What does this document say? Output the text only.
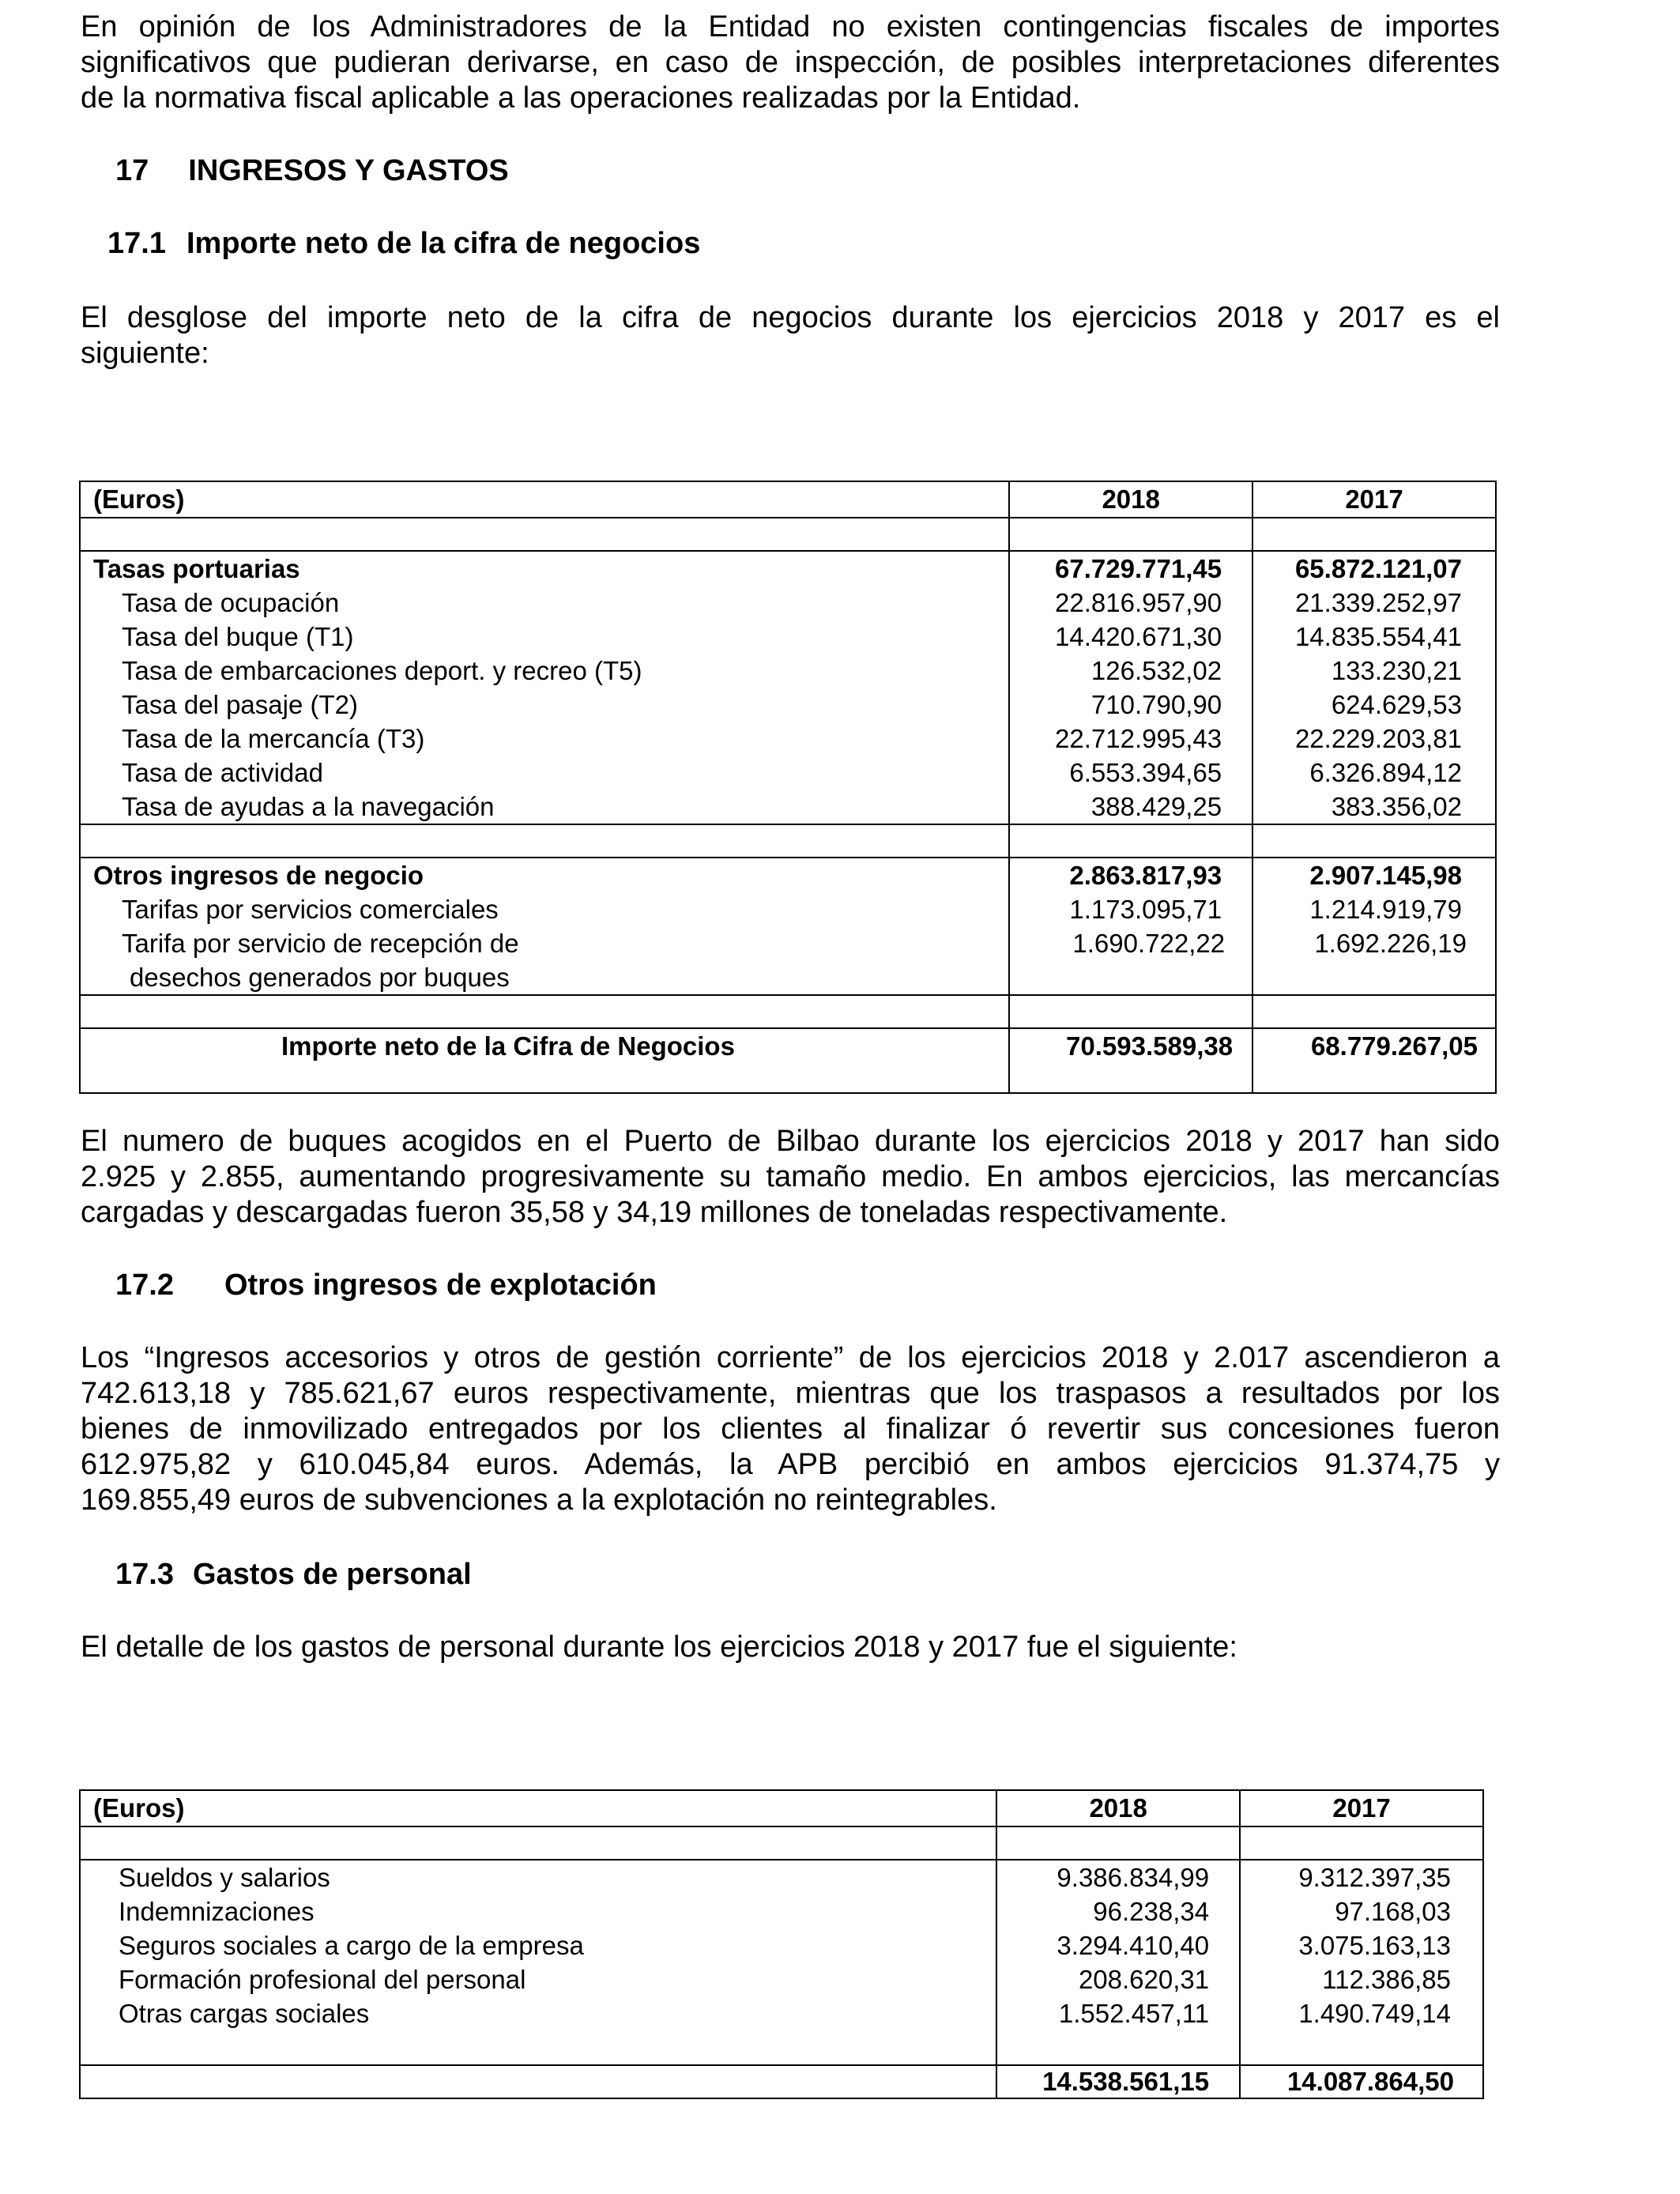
En opinión de los Administradores de la Entidad no existen contingencias fiscales de importes
significativos que pudieran derivarse, en caso de inspección, de posibles interpretaciones diferentes
de la normativa fiscal aplicable a las operaciones realizadas por la Entidad.
17 INGRESOS Y GASTOS
17.1 Importe neto de la cifra de negocios
El desglose del importe neto de la cifra de negocios durante los ejercicios 2018 y 2017 es el
siguiente:
(Euros)	2018	2017

Tasas portuarias	67.729.771,45	65.872.121,07
Tasa de ocupación	22.816.957,90	21.339.252,97
Tasa del buque (T1)	14.420.671,30	14.835.554,41
Tasa de embarcaciones deport. y recreo (T5)	126.532,02	133.230,21
Tasa del pasaje (T2)	710.790,90	624.629,53
Tasa de la mercancía (T3)	22.712.995,43	22.229.203,81
Tasa de actividad	6.553.394,65	6.326.894,12
Tasa de ayudas a la navegación	388.429,25	383.356,02

Otros ingresos de negocio	2.863.817,93	2.907.145,98
Tarifas por servicios comerciales	1.173.095,71	1.214.919,79
Tarifa por servicio de recepción de
desechos generados por buques	1.690.722,22	1.692.226,19

Importe neto de la Cifra de Negocios	70.593.589,38	68.779.267,05
El numero de buques acogidos en el Puerto de Bilbao durante los ejercicios 2018 y 2017 han sido
2.925 y 2.855, aumentando progresivamente su tamaño medio. En ambos ejercicios, las mercancías
cargadas y descargadas fueron 35,58 y 34,19 millones de toneladas respectivamente.
17.2 Otros ingresos de explotación
Los “Ingresos accesorios y otros de gestión corriente” de los ejercicios 2018 y 2.017 ascendieron a
742.613,18 y 785.621,67 euros respectivamente, mientras que los traspasos a resultados por los
bienes de inmovilizado entregados por los clientes al finalizar ó revertir sus concesiones fueron
612.975,82 y 610.045,84 euros. Además, la APB percibió en ambos ejercicios 91.374,75 y
169.855,49 euros de subvenciones a la explotación no reintegrables.
17.3 Gastos de personal
El detalle de los gastos de personal durante los ejercicios 2018 y 2017 fue el siguiente:
(Euros)	2018	2017

Sueldos y salarios	9.386.834,99	9.312.397,35
Indemnizaciones	96.238,34	97.168,03
Seguros sociales a cargo de la empresa	3.294.410,40	3.075.163,13
Formación profesional del personal	208.620,31	112.386,85
Otras cargas sociales	1.552.457,11	1.490.749,14

	14.538.561,15	14.087.864,50
